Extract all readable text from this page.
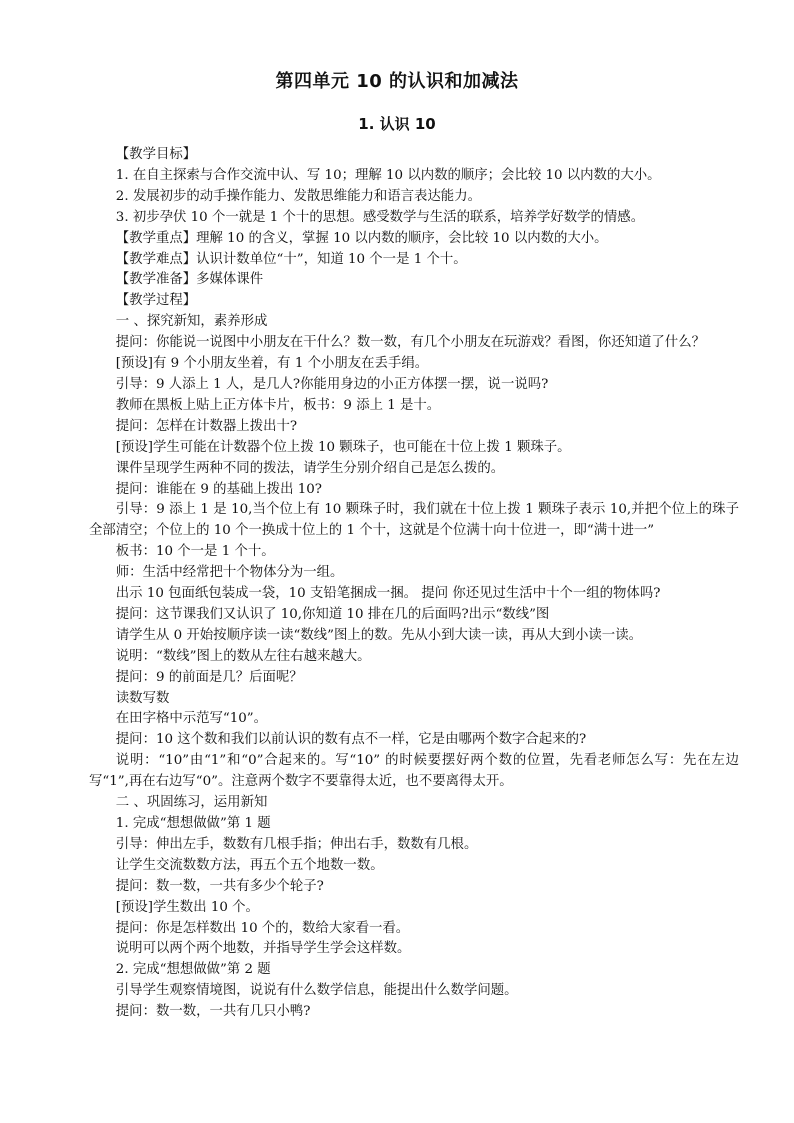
第四单元 10 的认识和加减法
1. 认识 10

【教学目标】

1. 在自主探索与合作交流中认、写 10；理解 10 以内数的顺序；会比较 10 以内数的大小。

2. 发展初步的动手操作能力、发散思维能力和语言表达能力。

3. 初步孕伏 10 个一就是 1 个十的思想。感受数学与生活的联系，培养学好数学的情感。

【教学重点】理解 10 的含义，掌握 10 以内数的顺序，会比较 10 以内数的大小。

【教学难点】认识计数单位“十”，知道 10 个一是 1 个十。

【教学准备】多媒体课件

【教学过程】

一 、探究新知，素养形成

提问：你能说一说图中小朋友在干什么？数一数，有几个小朋友在玩游戏？看图，你还知道了什么？

[预设]有 9 个小朋友坐着，有 1 个小朋友在丢手绢。

引导：9 人添上 1 人，是几人?你能用身边的小正方体摆一摆，说一说吗?

教师在黑板上贴上正方体卡片，板书：9 添上 1 是十。

提问：怎样在计数器上拨出十?

[预设]学生可能在计数器个位上拨 10 颗珠子，也可能在十位上拨 1 颗珠子。

课件呈现学生两种不同的拨法，请学生分别介绍自己是怎么拨的。

提问：谁能在 9 的基础上拨出 10?

引导：9 添上 1 是 10,当个位上有 10 颗珠子时，我们就在十位上拨 1 颗珠子表示 10,并把个位上的珠子全部清空；个位上的 10 个一换成十位上的 1 个十，这就是个位满十向十位进一，即“满十进一”

板书：10 个一是 1 个十。

师：生活中经常把十个物体分为一组。

出示 10 包面纸包装成一袋，10 支铅笔捆成一捆。 提问 你还见过生活中十个一组的物体吗?

提问：这节课我们又认识了 10,你知道 10 排在几的后面吗?出示“数线”图

请学生从 0 开始按顺序读一读“数线”图上的数。先从小到大读一读，再从大到小读一读。

说明：“数线”图上的数从左往右越来越大。

提问：9 的前面是几？后面呢？

读数写数

在田字格中示范写“10”。

提问：10 这个数和我们以前认识的数有点不一样，它是由哪两个数字合起来的?

说明：“10”由“1”和“0”合起来的。写“10” 的时候要摆好两个数的位置，先看老师怎么写：先在左边写“1”,再在右边写“0”。注意两个数字不要靠得太近，也不要离得太开。

二 、巩固练习，运用新知

1. 完成“想想做做”第 1 题

引导：伸出左手，数数有几根手指；伸出右手，数数有几根。

让学生交流数数方法，再五个五个地数一数。

提问：数一数，一共有多少个轮子?

[预设]学生数出 10 个。

提问：你是怎样数出 10 个的，数给大家看一看。

说明可以两个两个地数，并指导学生学会这样数。

2. 完成“想想做做”第 2 题

引导学生观察情境图，说说有什么数学信息，能提出什么数学问题。

提问：数一数，一共有几只小鸭?
